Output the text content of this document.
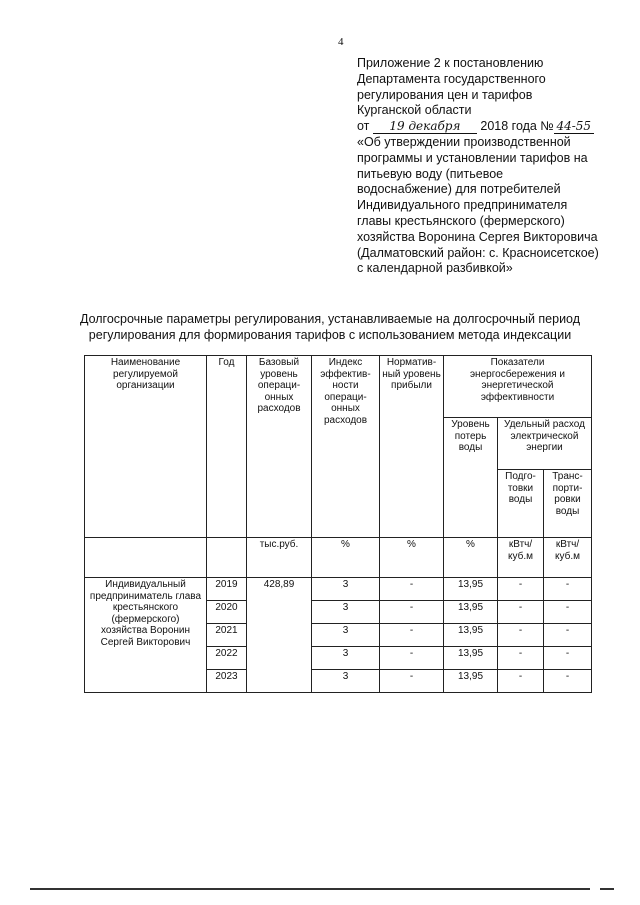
4
Приложение 2 к постановлению
Департамента государственного
регулирования цен и тарифов
Курганской области
от 19 декабря 2018 года № 44-55
«Об утверждении производственной
программы и установлении тарифов на
питьевую воду (питьевое
водоснабжение) для потребителей
Индивидуального предпринимателя
главы крестьянского (фермерского)
хозяйства Воронина Сергея Викторовича
(Далматовский район: с. Красноисетское)
с календарной разбивкой»
Долгосрочные параметры регулирования, устанавливаемые на долгосрочный период
регулирования для формирования тарифов с использованием метода индексации
Наименование регулируемой организации	Год	Базовый уровень операци-онных расходов	Индекс эффектив-ности операци-онных расходов	Норматив-ный уровень прибыли	Показатели энергосбережения и энергетической эффективности		
					Уровень потерь воды	Удельный расход электрической энергии	
						Подго-товки воды	Транс-порти-ровки воды
		тыс.руб.	%	%	%	кВтч/ куб.м	кВтч/ куб.м
Индивидуальный предприниматель глава крестьянского (фермерского) хозяйства Воронин Сергей Викторович	2019	428,89	3	-	13,95	-	-
	2020		3	-	13,95	-	-
	2021		3	-	13,95	-	-
	2022		3	-	13,95	-	-
	2023		3	-	13,95	-	-
